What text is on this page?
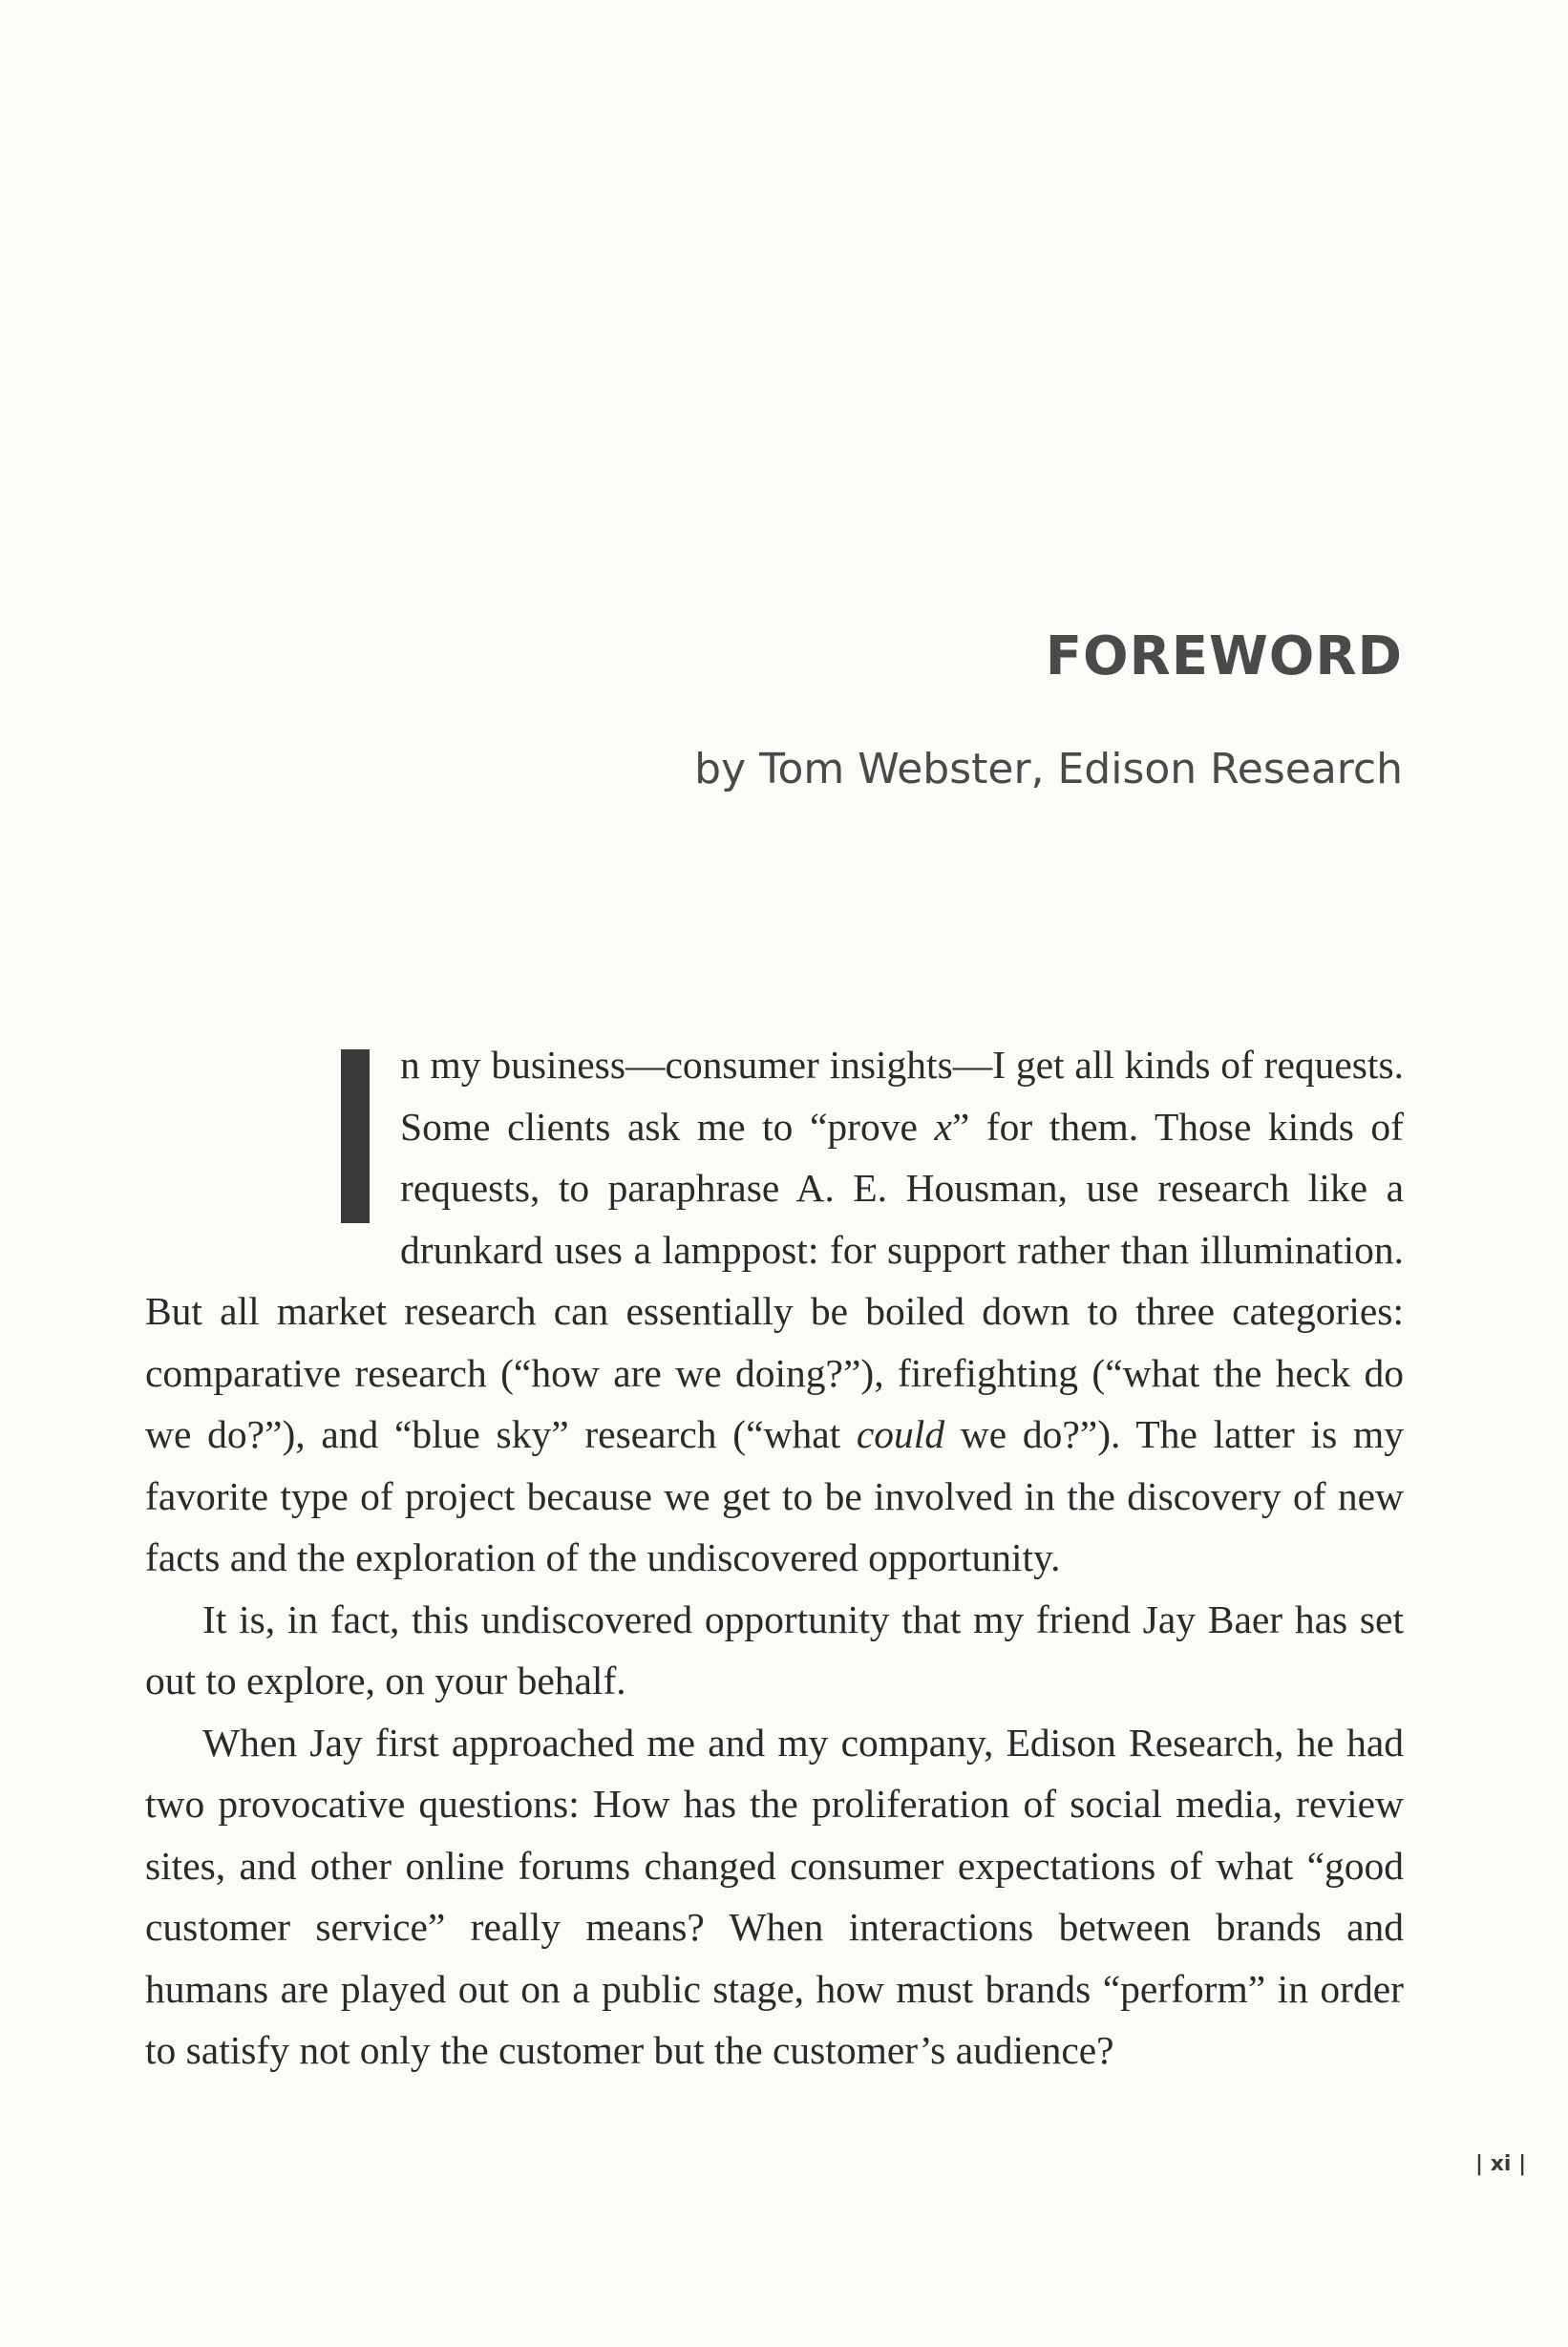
FOREWORD
by Tom Webster, Edison Research

n my business—consumer insights—I get all kinds of requests. Some clients ask me to “prove x” for them. Those kinds of requests, to paraphrase A. E. Housman, use research like a drunkard uses a lamppost: for support rather than illumination. But all market research can essentially be boiled down to three categories: comparative research (“how are we doing?”), firefighting (“what the heck do we do?”), and “blue sky” research (“what could we do?”). The latter is my favorite type of project because we get to be involved in the discovery of new facts and the exploration of the undiscovered opportunity.

It is, in fact, this undiscovered opportunity that my friend Jay Baer has set out to explore, on your behalf.

When Jay first approached me and my company, Edison Research, he had two provocative questions: How has the proliferation of social media, review sites, and other online forums changed consumer expectations of what “good customer service” really means? When interactions between brands and humans are played out on a public stage, how must brands “perform” in order to satisfy not only the customer but the customer’s audience?

| xi |
